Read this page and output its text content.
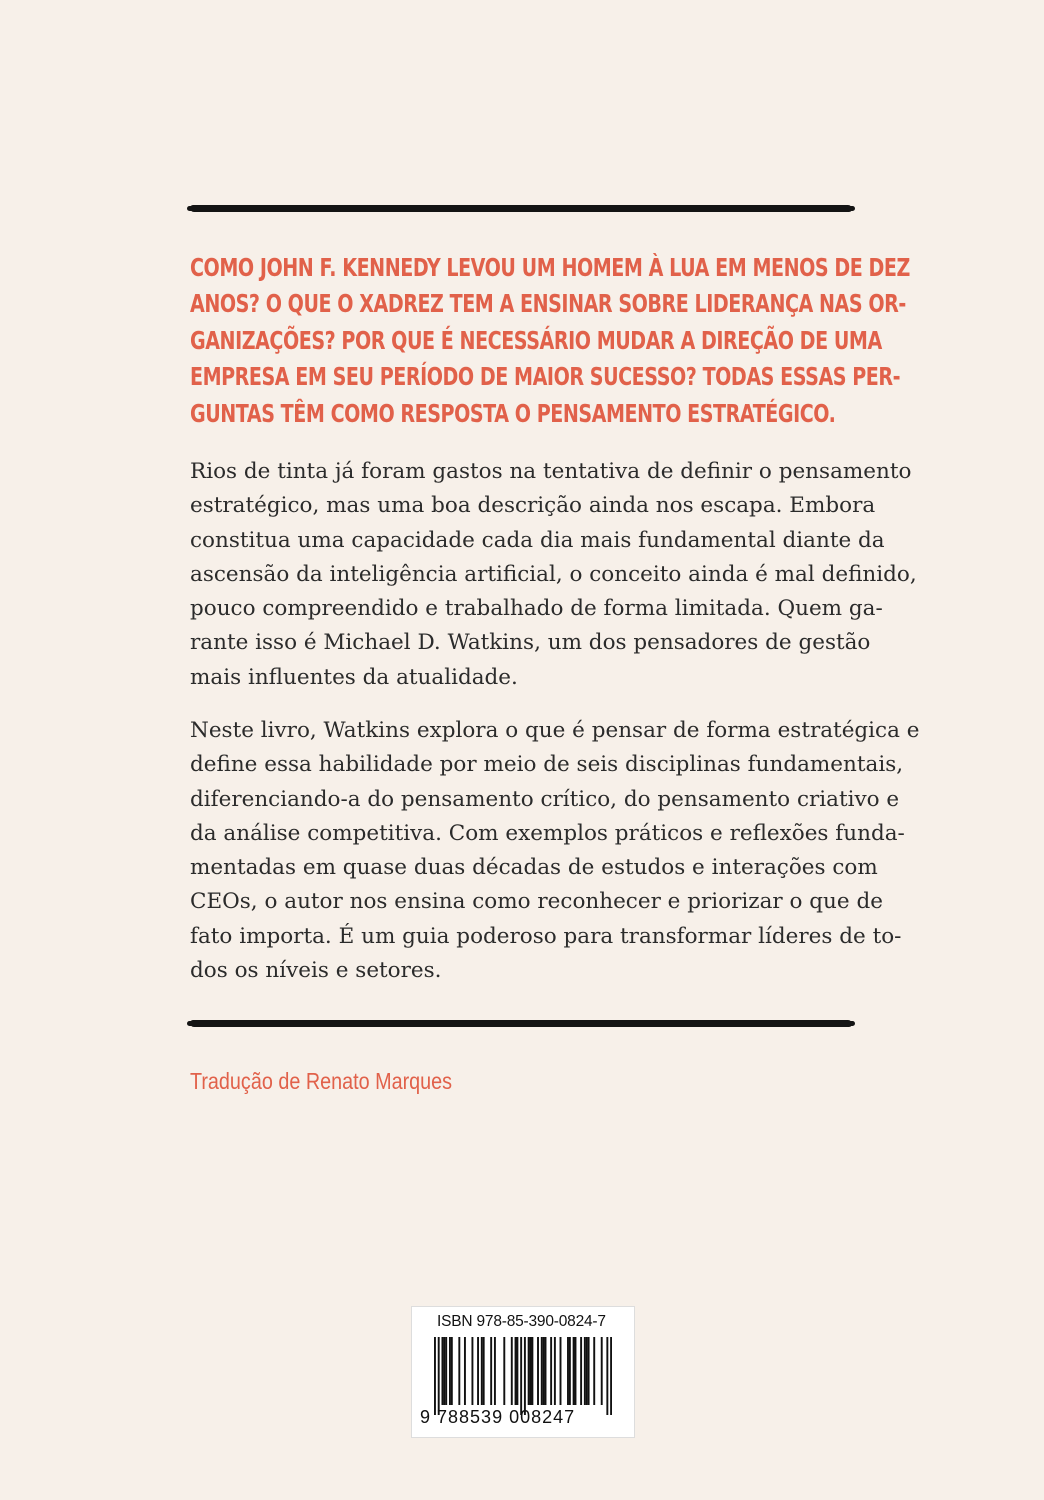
COMO JOHN F. KENNEDY LEVOU UM HOMEM À LUA EM MENOS DE DEZ
ANOS? O QUE O XADREZ TEM A ENSINAR SOBRE LIDERANÇA NAS OR-
GANIZAÇÕES? POR QUE É NECESSÁRIO MUDAR A DIREÇÃO DE UMA
EMPRESA EM SEU PERÍODO DE MAIOR SUCESSO? TODAS ESSAS PER-
GUNTAS TÊM COMO RESPOSTA O PENSAMENTO ESTRATÉGICO.
Rios de tinta já foram gastos na tentativa de definir o pensamento
estratégico, mas uma boa descrição ainda nos escapa. Embora
constitua uma capacidade cada dia mais fundamental diante da
ascensão da inteligência artificial, o conceito ainda é mal definido,
pouco compreendido e trabalhado de forma limitada. Quem ga-
rante isso é Michael D. Watkins, um dos pensadores de gestão
mais influentes da atualidade.
Neste livro, Watkins explora o que é pensar de forma estratégica e
define essa habilidade por meio de seis disciplinas fundamentais,
diferenciando-a do pensamento crítico, do pensamento criativo e
da análise competitiva. Com exemplos práticos e reflexões funda-
mentadas em quase duas décadas de estudos e interações com
CEOs, o autor nos ensina como reconhecer e priorizar o que de
fato importa. É um guia poderoso para transformar líderes de to-
dos os níveis e setores.

Tradução de Renato Marques

ISBN 978-85-390-0824-7
9 788539 008247
